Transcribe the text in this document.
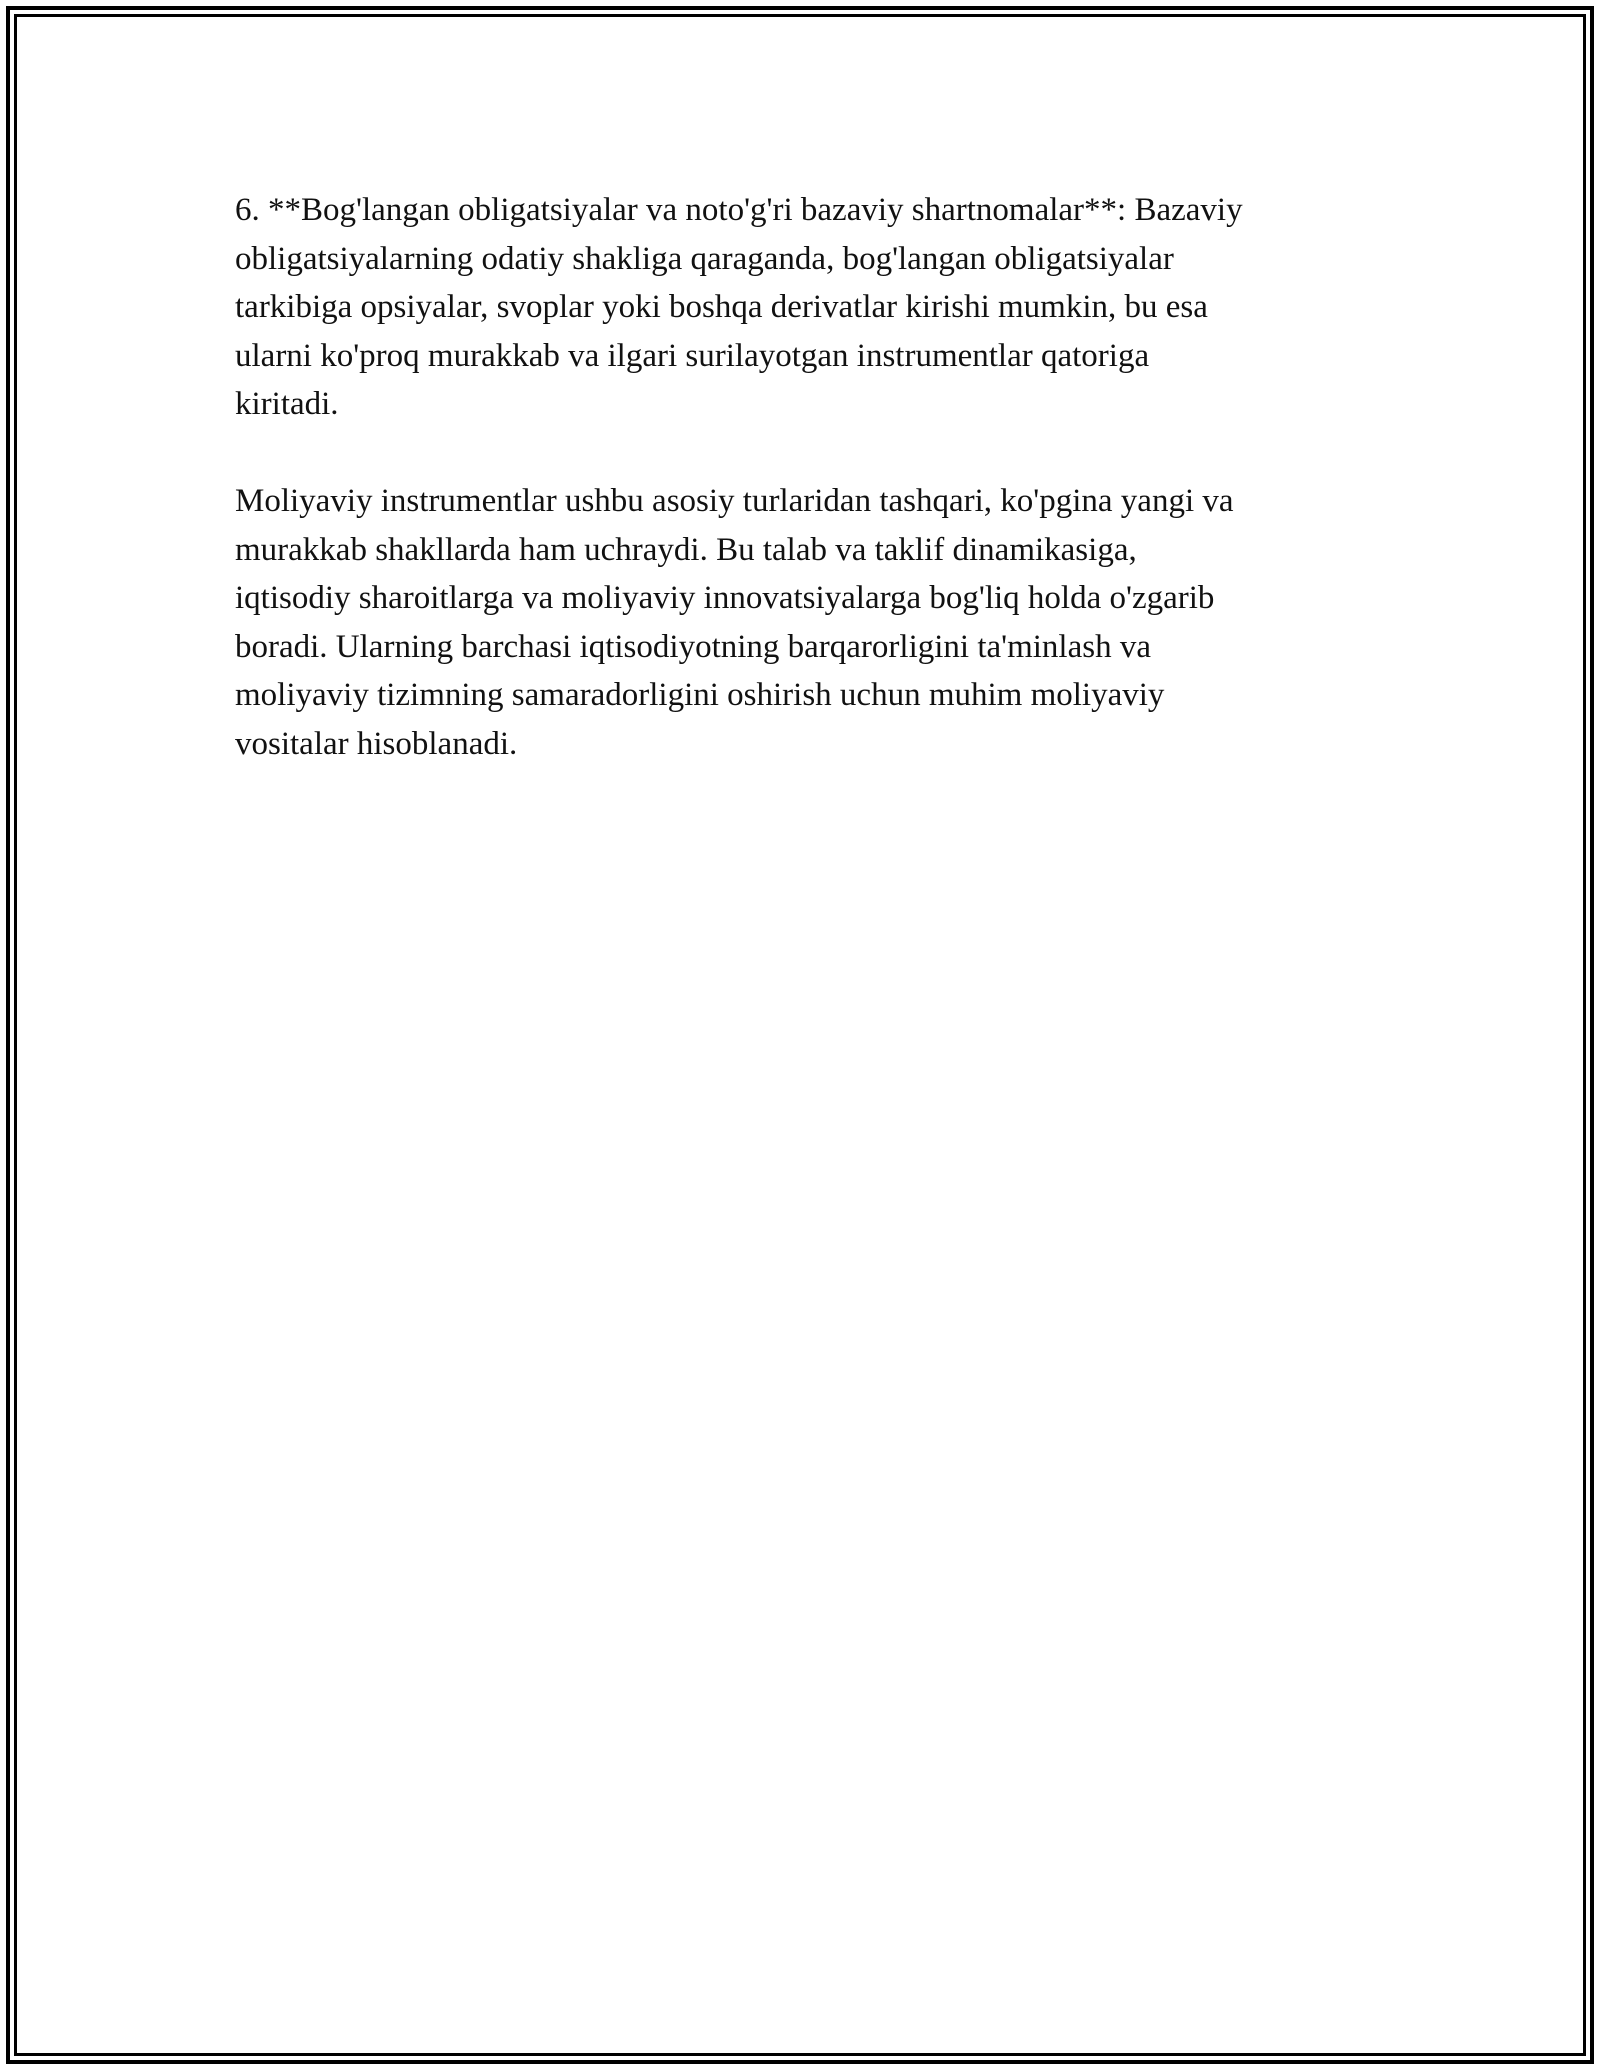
6. **Bog'langan obligatsiyalar va noto'g'ri bazaviy shartnomalar**: Bazaviy
obligatsiyalarning odatiy shakliga qaraganda, bog'langan obligatsiyalar
tarkibiga opsiyalar, svoplar yoki boshqa derivatlar kirishi mumkin, bu esa
ularni ko'proq murakkab va ilgari surilayotgan instrumentlar qatoriga
kiritadi.

Moliyaviy instrumentlar ushbu asosiy turlaridan tashqari, ko'pgina yangi va
murakkab shakllarda ham uchraydi. Bu talab va taklif dinamikasiga,
iqtisodiy sharoitlarga va moliyaviy innovatsiyalarga bog'liq holda o'zgarib
boradi. Ularning barchasi iqtisodiyotning barqarorligini ta'minlash va
moliyaviy tizimning samaradorligini oshirish uchun muhim moliyaviy
vositalar hisoblanadi.
